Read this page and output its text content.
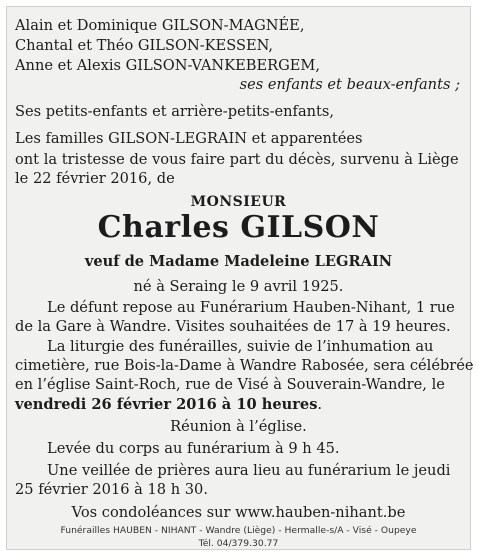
Alain et Dominique GILSON-MAGNÉE,
Chantal et Théo GILSON-KESSEN,
Anne et Alexis GILSON-VANKEBERGEM,
ses enfants et beaux-enfants ;
Ses petits-enfants et arrière-petits-enfants,
Les familles GILSON-LEGRAIN et apparentées
ont la tristesse de vous faire part du décès, survenu à Liège
le 22 février 2016, de
MONSIEUR
Charles GILSON
veuf de Madame Madeleine LEGRAIN
né à Seraing le 9 avril 1925.
Le défunt repose au Funérarium Hauben-Nihant, 1 rue
de la Gare à Wandre. Visites souhaitées de 17 à 19 heures.
La liturgie des funérailles, suivie de l’inhumation au
cimetière, rue Bois-la-Dame à Wandre Rabosée, sera célébrée
en l’église Saint-Roch, rue de Visé à Souverain-Wandre, le
vendredi 26 février 2016 à 10 heures.
Réunion à l’église.
Levée du corps au funérarium à 9 h 45.
Une veillée de prières aura lieu au funérarium le jeudi
25 février 2016 à 18 h 30.
Vos condoléances sur www.hauben-nihant.be
Funérailles HAUBEN - NIHANT - Wandre (Liège) - Hermalle-s/A - Visé - Oupeye
Tél. 04/379.30.77
